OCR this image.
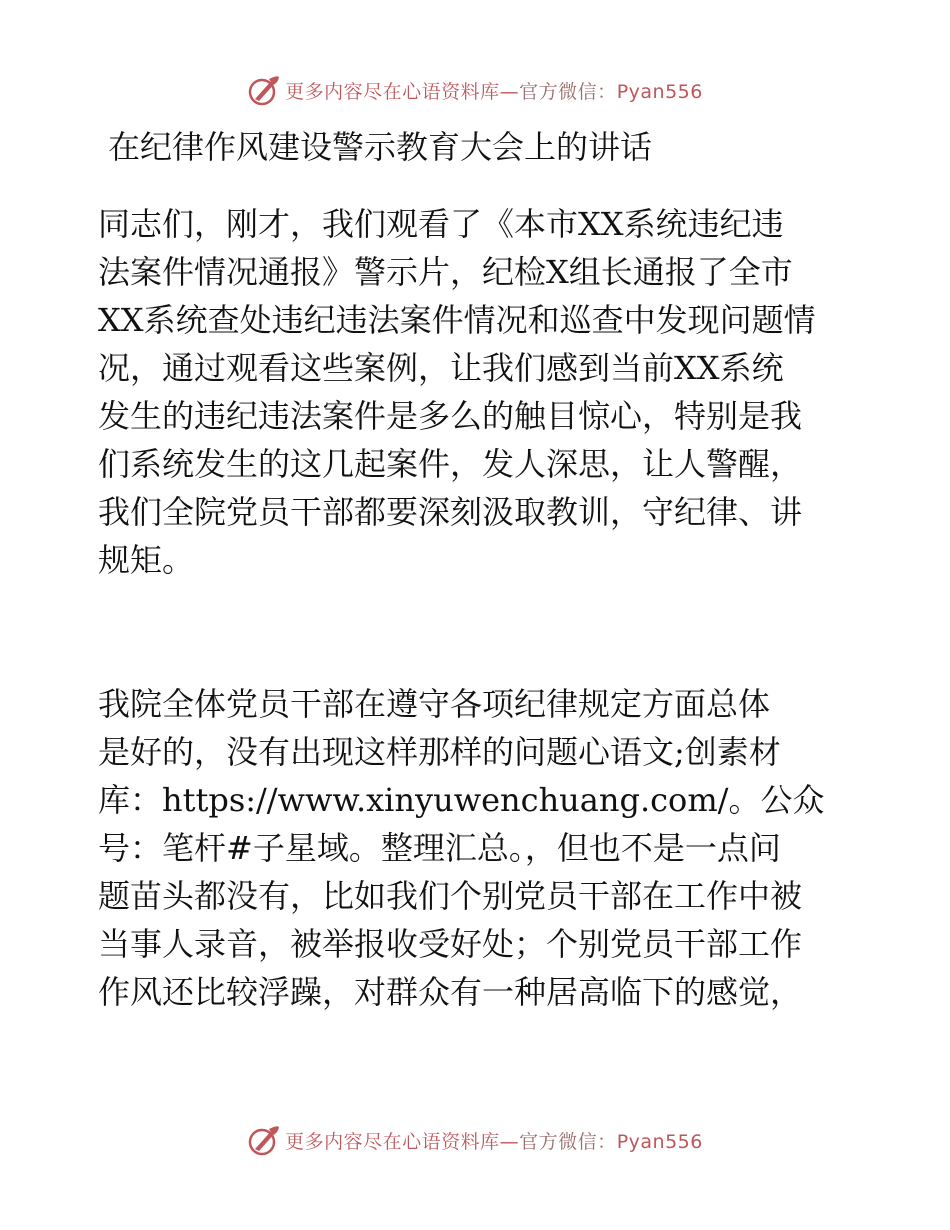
更多内容尽在心语资料库—官方微信：Pyan556
在纪律作风建设警示教育大会上的讲话

同志们，刚才，我们观看了《本市XX系统违纪违
法案件情况通报》警示片，纪检X组长通报了全市
XX系统查处违纪违法案件情况和巡查中发现问题情
况，通过观看这些案例，让我们感到当前XX系统
发生的违纪违法案件是多么的触目惊心，特别是我
们系统发生的这几起案件，发人深思，让人警醒，
我们全院党员干部都要深刻汲取教训，守纪律、讲
规矩。

我院全体党员干部在遵守各项纪律规定方面总体
是好的，没有出现这样那样的问题心语文;创素材
库：https://www.xinyuwenchuang.com/。公众
号：笔杆#子星域。整理汇总。，但也不是一点问
题苗头都没有，比如我们个别党员干部在工作中被
当事人录音，被举报收受好处；个别党员干部工作
作风还比较浮躁，对群众有一种居高临下的感觉，

更多内容尽在心语资料库—官方微信：Pyan556
